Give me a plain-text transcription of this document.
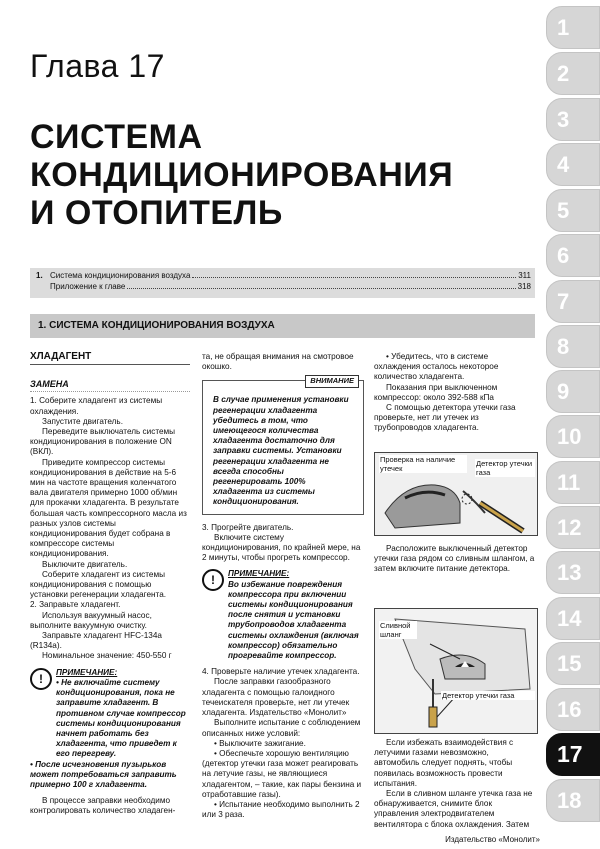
1
2
3
4
5
6
7
8
9
10
11
12
13
14
15
16
17
18
Глава 17
СИСТЕМА
КОНДИЦИОНИРОВАНИЯ
И ОТОПИТЕЛЬ
1. Система кондиционирования воздуха	311
Приложение к главе	318
1. СИСТЕМА КОНДИЦИОНИРОВАНИЯ ВОЗДУХА
ХЛАДАГЕНТ
ЗАМЕНА

1. Соберите хладагент из системы охлаждения.

Запустите двигатель.

Переведите выключатель системы кондиционирования в положение ON (ВКЛ).

Приведите компрессор системы кондиционирования в действие на 5-6 мин на частоте вращения коленчатого вала двигателя примерно 1000 об/мин для прокачки хладагента. В результате большая часть компрессорного масла из разных узлов системы кондиционирования будет собрана в компрессоре системы кондиционирования.

Выключите двигатель.

Соберите хладагент из системы кондиционирования с помощью установки регенерации хладагента.

2. Заправьте хладагент.

Используя вакуумный насос, выполните вакуумную очистку.

Заправьте хладагент HFC-134a (R134a).

Номинальное значение: 450-550 г

!	ПРИМЕЧАНИЕ:

• Не включайте систему кондиционирования, пока не заправите хладагент. В противном случае компрессор системы кондиционирования начнет работать без хладагента, что приведет к его перегреву.

• После исчезновения пузырьков может потребоваться заправить примерно 100 г хладагента.

В процессе заправки необходимо контролировать количество хладаген-

та, не обращая внимания на смотровое окошко.

ВНИМАНИЕ

В случае применения установки регенерации хладагента убедитесь в том, что имеющегося количества хладагента достаточно для заправки системы. Установки регенерации хладагента не всегда способны регенерировать 100% хладагента из системы кондиционирования.

3. Прогрейте двигатель.

Включите систему кондиционирования, по крайней мере, на 2 минуты, чтобы прогреть компрессор.

!	ПРИМЕЧАНИЕ:

Во избежание повреждения компрессора при включении системы кондиционирования после снятия и установки трубопроводов хладагента системы охлаждения (включая компрессор) обязательно прогревайте компрессор.

4. Проверьте наличие утечек хладагента.

После заправки газообразного хладагента с помощью галоидного течеискателя проверьте, нет ли утечек хладагента. Издательство «Монолит»

Выполните испытание с соблюдением описанных ниже условий:

• Выключите зажигание.

• Обеспечьте хорошую вентиляцию (детектор утечки газа может реагировать на летучие газы, не являющиеся хладагентом, – такие, как пары бензина и отработавшие газы).

• Испытание необходимо выполнить 2 или 3 раза.

• Убедитесь, что в системе охлаждения осталось некоторое количество хладагента.

Показания при выключенном компрессор: около 392-588 кПа

С помощью детектора утечки газа проверьте, нет ли утечек из трубопроводов хладагента.

Проверка на наличие утечек
Детектор утечки газа

Расположите выключенный детектор утечки газа рядом со сливным шлангом, а затем включите питание детектора.

Сливной шланг
Детектор утечки газа

Если избежать взаимодействия с летучими газами невозможно, автомобиль следует поднять, чтобы появилась возможность провести испытания.

Если в сливном шланге утечка газа не обнаруживается, снимите блок управления электродвигателем вентилятора с блока охлаждения. Затем

Издательство «Монолит»
